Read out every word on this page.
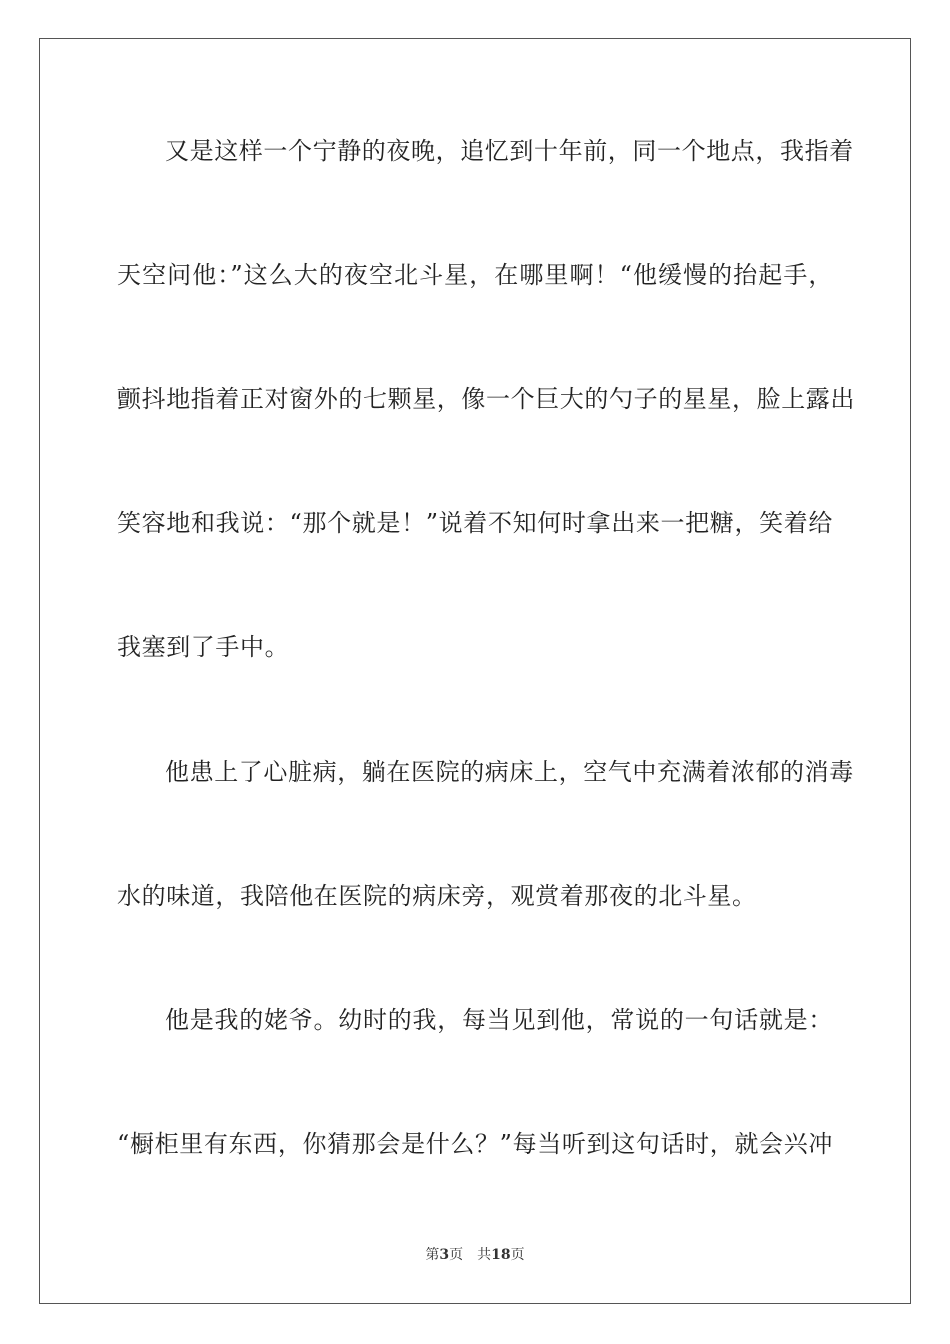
又是这样一个宁静的夜晚，追忆到十年前，同一个地点，我指着
天空问他：”这么大的夜空北斗星，在哪里啊！“他缓慢的抬起手，
颤抖地指着正对窗外的七颗星，像一个巨大的勺子的星星，脸上露出
笑容地和我说：“那个就是！”说着不知何时拿出来一把糖，笑着给
我塞到了手中。
他患上了心脏病，躺在医院的病床上，空气中充满着浓郁的消毒
水的味道，我陪他在医院的病床旁，观赏着那夜的北斗星。
他是我的姥爷。幼时的我，每当见到他，常说的一句话就是：
“橱柜里有东西，你猜那会是什么？”每当听到这句话时，就会兴冲
第3页 共18页
